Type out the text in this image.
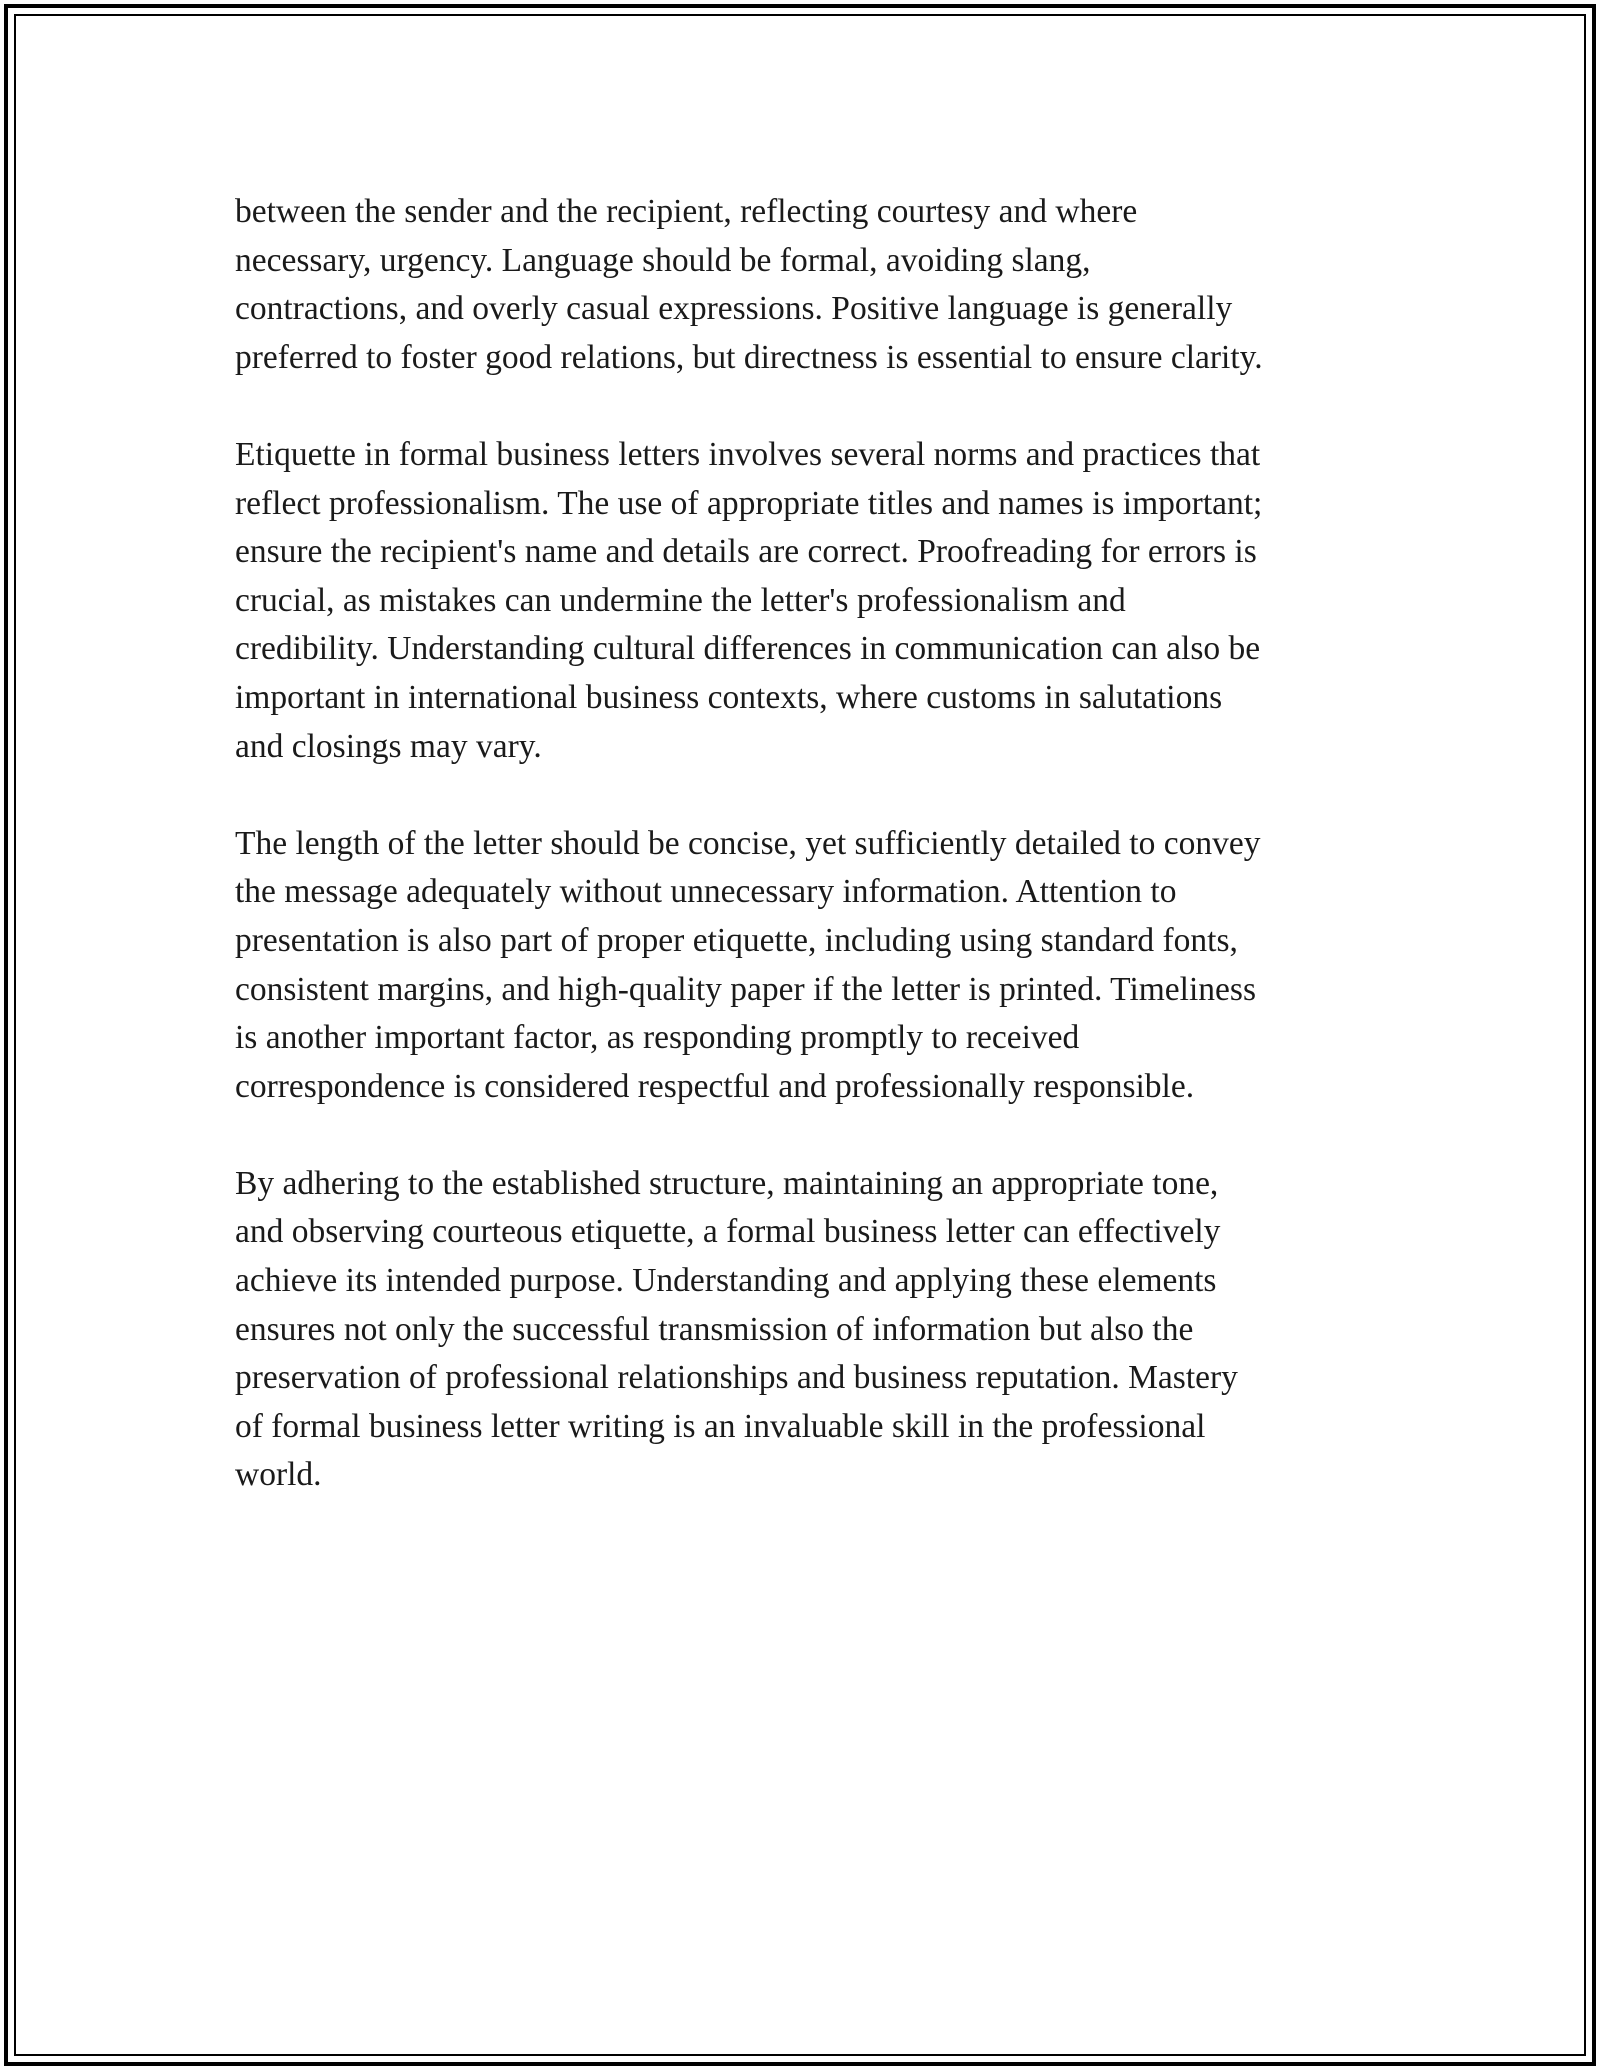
between the sender and the recipient, reflecting courtesy and where
necessary, urgency. Language should be formal, avoiding slang,
contractions, and overly casual expressions. Positive language is generally
preferred to foster good relations, but directness is essential to ensure clarity.

Etiquette in formal business letters involves several norms and practices that
reflect professionalism. The use of appropriate titles and names is important;
ensure the recipient's name and details are correct. Proofreading for errors is
crucial, as mistakes can undermine the letter's professionalism and
credibility. Understanding cultural differences in communication can also be
important in international business contexts, where customs in salutations
and closings may vary.

The length of the letter should be concise, yet sufficiently detailed to convey
the message adequately without unnecessary information. Attention to
presentation is also part of proper etiquette, including using standard fonts,
consistent margins, and high-quality paper if the letter is printed. Timeliness
is another important factor, as responding promptly to received
correspondence is considered respectful and professionally responsible.

By adhering to the established structure, maintaining an appropriate tone,
and observing courteous etiquette, a formal business letter can effectively
achieve its intended purpose. Understanding and applying these elements
ensures not only the successful transmission of information but also the
preservation of professional relationships and business reputation. Mastery
of formal business letter writing is an invaluable skill in the professional
world.
